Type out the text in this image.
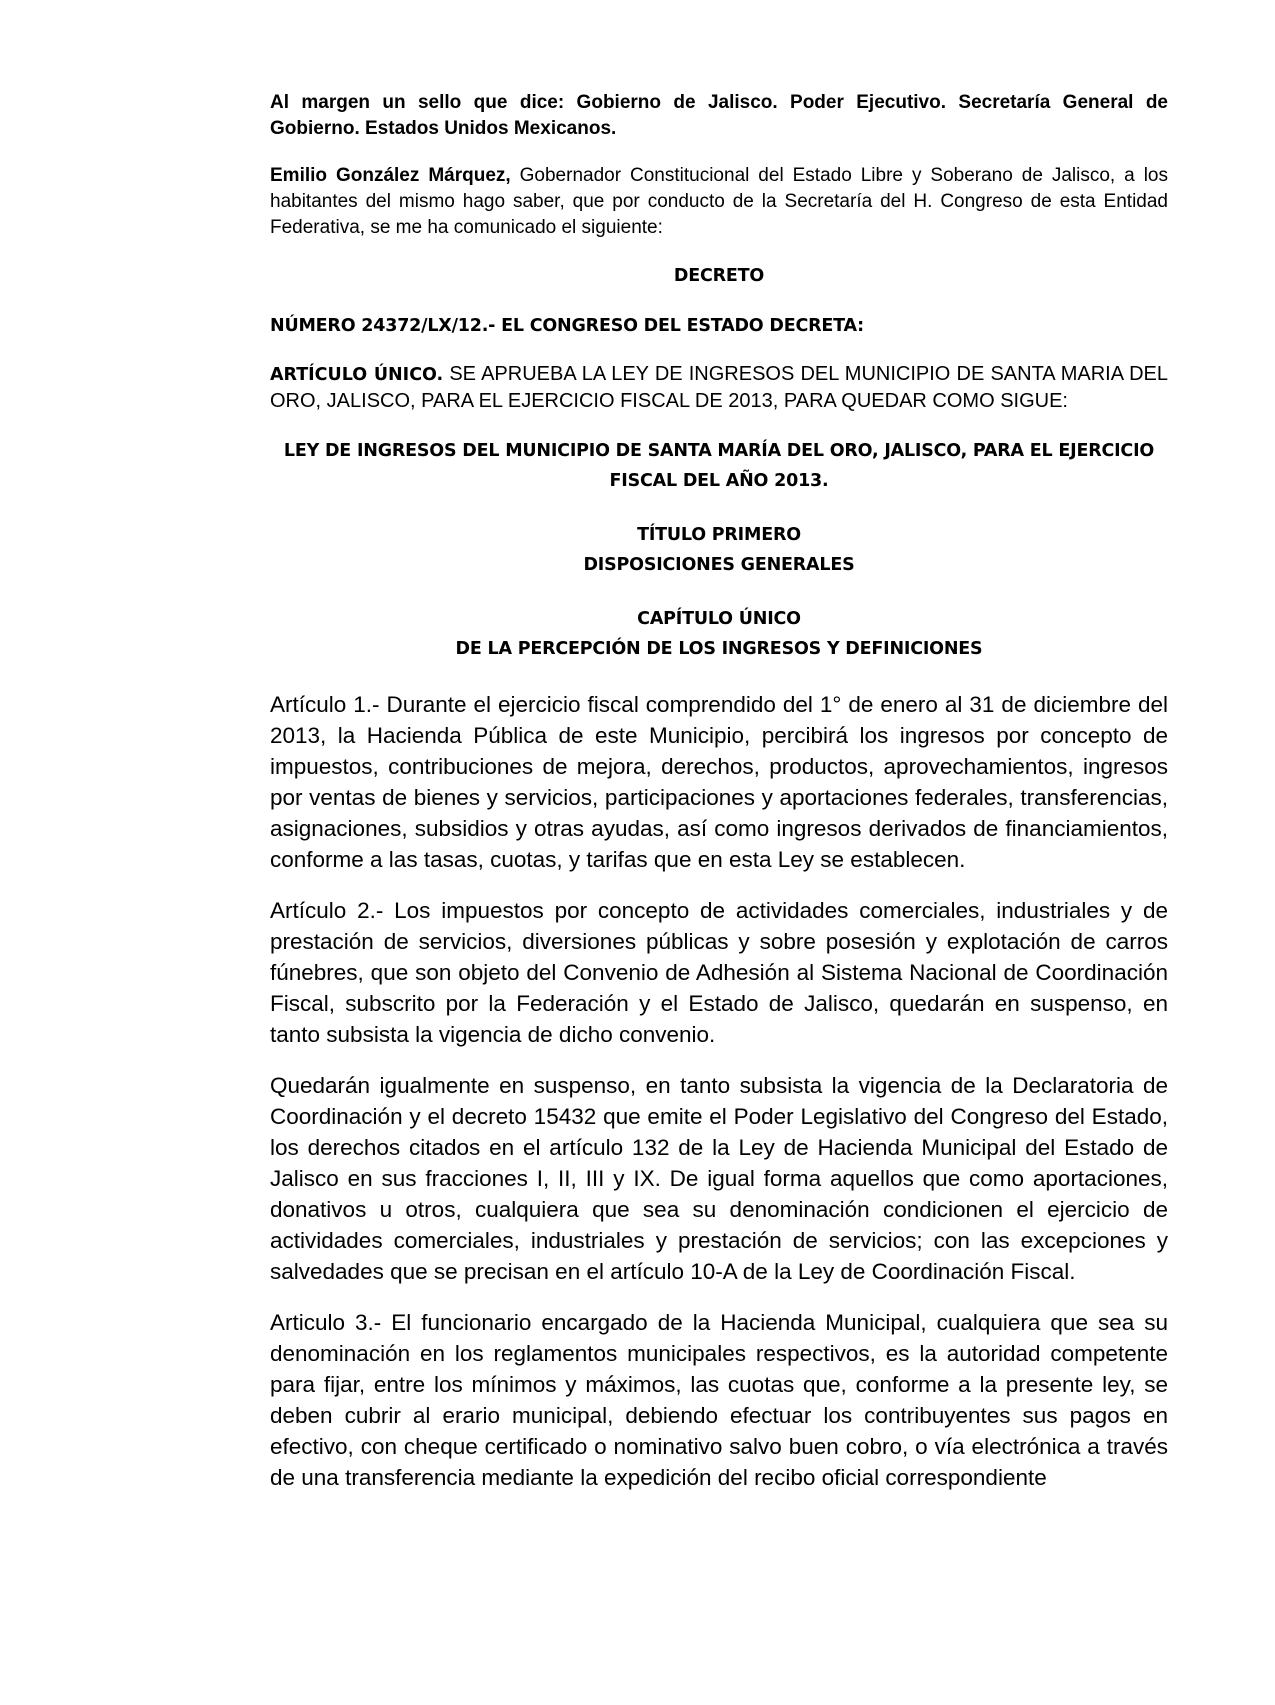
Al margen un sello que dice: Gobierno de Jalisco. Poder Ejecutivo. Secretaría General de Gobierno. Estados Unidos Mexicanos.

Emilio González Márquez, Gobernador Constitucional del Estado Libre y Soberano de Jalisco, a los habitantes del mismo hago saber, que por conducto de la Secretaría del H. Congreso de esta Entidad Federativa, se me ha comunicado el siguiente:

DECRETO
NÚMERO 24372/LX/12.- EL CONGRESO DEL ESTADO DECRETA:

ARTÍCULO ÚNICO. SE APRUEBA LA LEY DE INGRESOS DEL MUNICIPIO DE SANTA MARIA DEL ORO, JALISCO, PARA EL EJERCICIO FISCAL DE 2013, PARA QUEDAR COMO SIGUE:

LEY DE INGRESOS DEL MUNICIPIO DE SANTA MARÍA DEL ORO, JALISCO, PARA EL EJERCICIO
FISCAL DEL AÑO 2013.
TÍTULO PRIMERO
DISPOSICIONES GENERALES
CAPÍTULO ÚNICO
DE LA PERCEPCIÓN DE LOS INGRESOS Y DEFINICIONES

Artículo 1.- Durante el ejercicio fiscal comprendido del 1° de enero al 31 de diciembre del 2013, la Hacienda Pública de este Municipio, percibirá los ingresos por concepto de impuestos, contribuciones de mejora, derechos, productos, aprovechamientos, ingresos por ventas de bienes y servicios, participaciones y aportaciones federales, transferencias, asignaciones, subsidios y otras ayudas, así como ingresos derivados de financiamientos, conforme a las tasas, cuotas, y tarifas que en esta Ley se establecen.

Artículo 2.- Los impuestos por concepto de actividades comerciales, industriales y de prestación de servicios, diversiones públicas y sobre posesión y explotación de carros fúnebres, que son objeto del Convenio de Adhesión al Sistema Nacional de Coordinación Fiscal, subscrito por la Federación y el Estado de Jalisco, quedarán en suspenso, en tanto subsista la vigencia de dicho convenio.

Quedarán igualmente en suspenso, en tanto subsista la vigencia de la Declaratoria de Coordinación y el decreto 15432 que emite el Poder Legislativo del Congreso del Estado, los derechos citados en el artículo 132 de la Ley de Hacienda Municipal del Estado de Jalisco en sus fracciones I, II, III y IX. De igual forma aquellos que como aportaciones, donativos u otros, cualquiera que sea su denominación condicionen el ejercicio de actividades comerciales, industriales y prestación de servicios; con las excepciones y salvedades que se precisan en el artículo 10-A de la Ley de Coordinación Fiscal.

Articulo 3.- El funcionario encargado de la Hacienda Municipal, cualquiera que sea su denominación en los reglamentos municipales respectivos, es la autoridad competente para fijar, entre los mínimos y máximos, las cuotas que, conforme a la presente ley, se deben cubrir al erario municipal, debiendo efectuar los contribuyentes sus pagos en efectivo, con cheque certificado o nominativo salvo buen cobro, o vía electrónica a través de una transferencia mediante la expedición del recibo oficial correspondiente
